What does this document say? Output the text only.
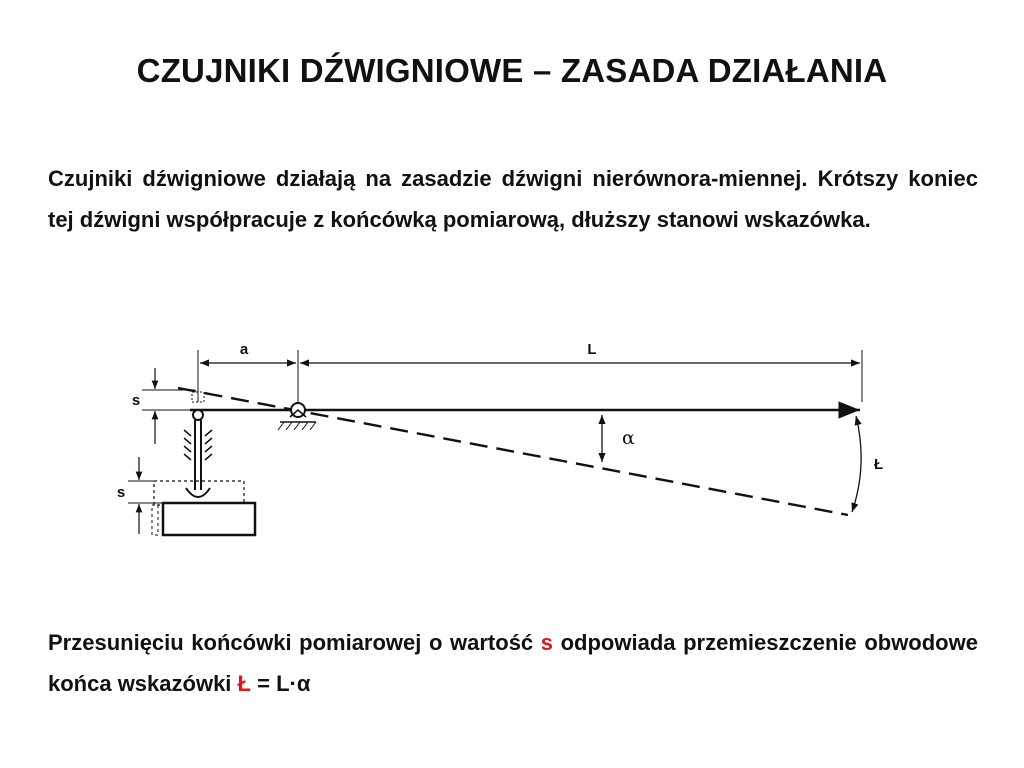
CZUJNIKI DŹWIGNIOWE – ZASADA DZIAŁANIA
Czujniki dźwigniowe działają na zasadzie dźwigni nierównora-miennej. Krótszy koniec tej dźwigni współpracuje z końcówką pomiarową, dłuższy stanowi wskazówka.
a	L
s
s
α
Ł
Przesunięciu końcówki pomiarowej o wartość s odpowiada przemieszczenie obwodowe końca wskazówki Ł = L·α
